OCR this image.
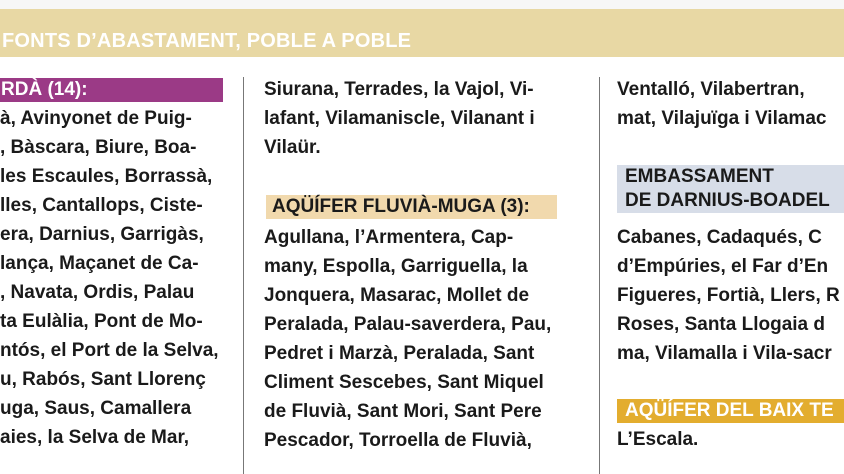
FONTS D’ABASTAMENT, POBLE A POBLE
RDÀ (14):
à, Avinyonet de Puig-
, Bàscara, Biure, Boa-
les Escaules, Borrassà,
lles, Cantallops, Ciste-
era, Darnius, Garrigàs,
lança, Maçanet de Ca-
, Navata, Ordis, Palau
ta Eulàlia, Pont de Mo-
ntós, el Port de la Selva,
u, Rabós, Sant Llorenç
uga, Saus, Camallera
aies, la Selva de Mar,
Siurana, Terrades, la Vajol, Vi-
lafant, Vilamaniscle, Vilanant i
Vilaür.
AQÜÍFER FLUVIÀ-MUGA (3):
Agullana, l’Armentera, Cap-
many, Espolla, Garriguella, la
Jonquera, Masarac, Mollet de
Peralada, Palau-saverdera, Pau,
Pedret i Marzà, Peralada, Sant
Climent Sescebes, Sant Miquel
de Fluvià, Sant Mori, Sant Pere
Pescador, Torroella de Fluvià,
Ventalló, Vilabertran,
mat, Vilajuïga i Vilamac
EMBASSAMENT
DE DARNIUS-BOADEL
Cabanes, Cadaqués, C
d’Empúries, el Far d’En
Figueres, Fortià, Llers, R
Roses, Santa Llogaia d
ma, Vilamalla i Vila-sacr
AQÜÍFER DEL BAIX TE
L’Escala.
